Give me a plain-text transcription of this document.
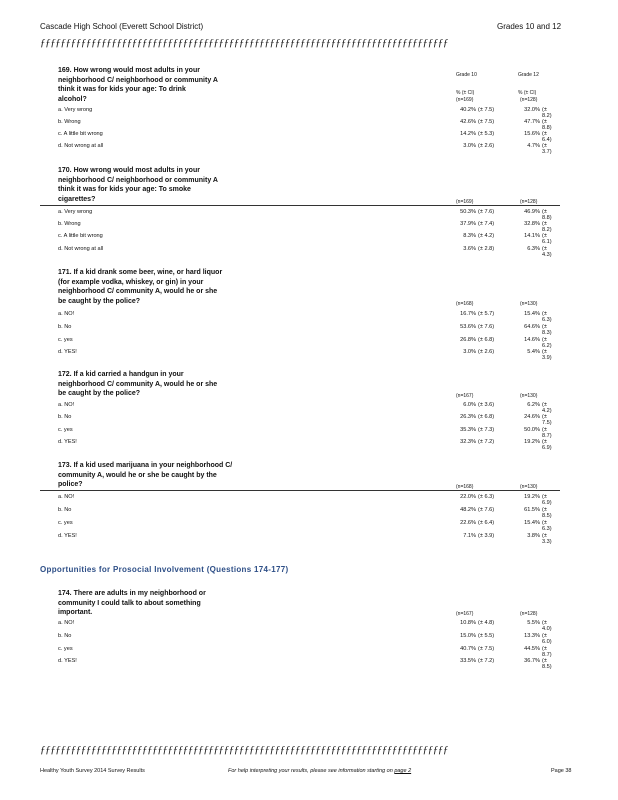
Cascade High School (Everett School District)	Grades 10 and 12
ƒƒƒƒƒƒƒƒƒƒƒƒƒƒƒƒƒƒƒƒƒƒƒƒƒƒƒƒƒƒƒƒƒƒƒƒƒƒƒƒƒƒƒƒƒƒƒƒƒƒƒƒƒƒƒƒƒƒƒƒƒƒƒƒƒƒƒƒƒƒƒƒƒƒƒƒƒƒƒƒ
169. How wrong would most adults in your
neighborhood C/ neighborhood or community A
think it was for kids your age: To drink
alcohol?
Grade 10	Grade 12
% (± CI)	% (± CI)
(n=169)	(n=128)
a. Very wrong	40.2% (± 7.5)	32.0% (± 8.2)
b. Wrong	42.6% (± 7.5)	47.7% (± 8.8)
c. A little bit wrong	14.2% (± 5.3)	15.6% (± 6.4)
d. Not wrong at all	3.0% (± 2.6)	4.7% (± 3.7)
170. How wrong would most adults in your
neighborhood C/ neighborhood or community A
think it was for kids your age: To smoke
cigarettes?	(n=169)	(n=128)
a. Very wrong	50.3% (± 7.6)	46.9% (± 8.8)
b. Wrong	37.9% (± 7.4)	32.8% (± 8.2)
c. A little bit wrong	8.3% (± 4.2)	14.1% (± 6.1)
d. Not wrong at all	3.6% (± 2.8)	6.3% (± 4.3)
171. If a kid drank some beer, wine, or hard liquor
(for example vodka, whiskey, or gin) in your
neighborhood C/ community A, would he or she
be caught by the police?	(n=168)	(n=130)
a. NO!	16.7% (± 5.7)	15.4% (± 6.3)
b. No	53.6% (± 7.6)	64.6% (± 8.3)
c. yes	26.8% (± 6.8)	14.6% (± 6.2)
d. YES!	3.0% (± 2.6)	5.4% (± 3.9)
172. If a kid carried a handgun in your
neighborhood C/ community A, would he or she
be caught by the police?	(n=167)	(n=130)
a. NO!	6.0% (± 3.6)	6.2% (± 4.2)
b. No	26.3% (± 6.8)	24.6% (± 7.5)
c. yes	35.3% (± 7.3)	50.0% (± 8.7)
d. YES!	32.3% (± 7.2)	19.2% (± 6.9)
173. If a kid used marijuana in your neighborhood C/
community A, would he or she be caught by the
police?	(n=168)	(n=130)
a. NO!	22.0% (± 6.3)	19.2% (± 6.9)
b. No	48.2% (± 7.6)	61.5% (± 8.5)
c. yes	22.6% (± 6.4)	15.4% (± 6.3)
d. YES!	7.1% (± 3.9)	3.8% (± 3.3)
Opportunities for Prosocial Involvement (Questions 174-177)
174. There are adults in my neighborhood or
community I could talk to about something
important.	(n=167)	(n=128)
a. NO!	10.8% (± 4.8)	5.5% (± 4.0)
b. No	15.0% (± 5.5)	13.3% (± 6.0)
c. yes	40.7% (± 7.5)	44.5% (± 8.7)
d. YES!	33.5% (± 7.2)	36.7% (± 8.5)
ƒƒƒƒƒƒƒƒƒƒƒƒƒƒƒƒƒƒƒƒƒƒƒƒƒƒƒƒƒƒƒƒƒƒƒƒƒƒƒƒƒƒƒƒƒƒƒƒƒƒƒƒƒƒƒƒƒƒƒƒƒƒƒƒƒƒƒƒƒƒƒƒƒƒƒƒƒƒƒƒ
Healthy Youth Survey 2014 Survey Results	For help interpreting your results, please see information starting on page 2	Page 38
